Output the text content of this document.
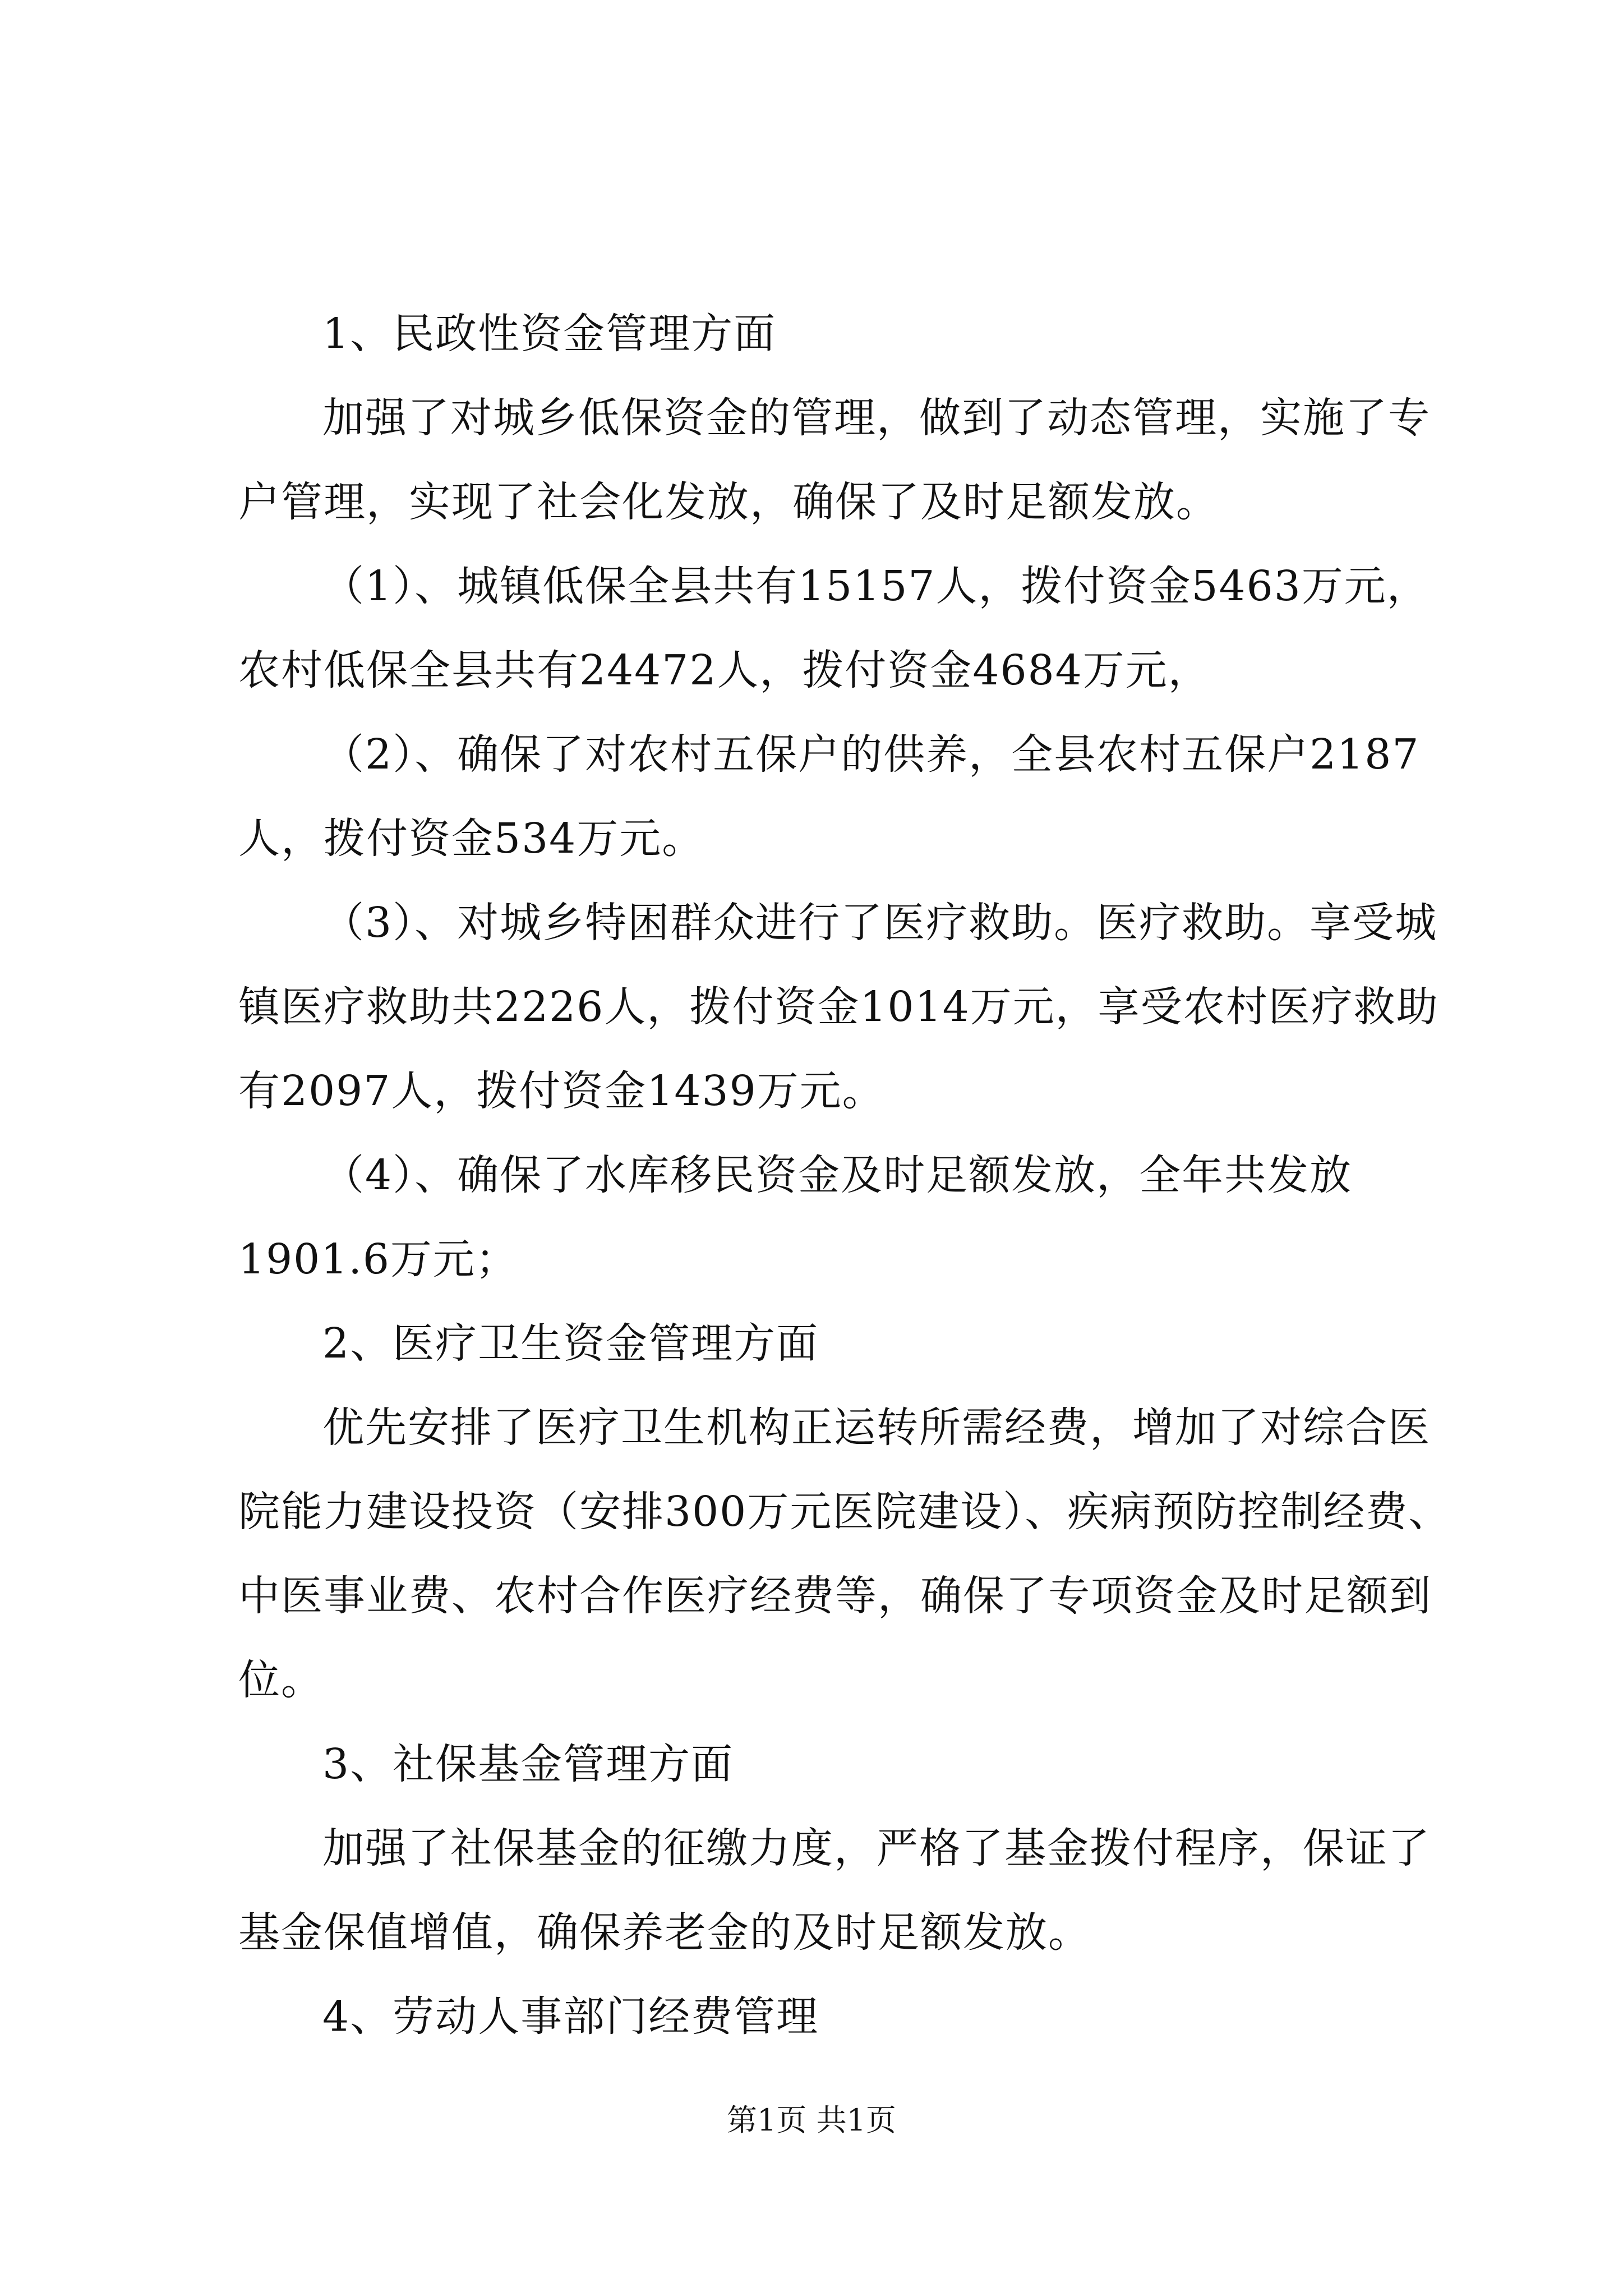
1、民政性资金管理方面
加强了对城乡低保资金的管理，做到了动态管理，实施了专
户管理，实现了社会化发放，确保了及时足额发放。
（1）、城镇低保全县共有15157人，拨付资金5463万元，
农村低保全县共有24472人，拨付资金4684万元，
（2）、确保了对农村五保户的供养，全县农村五保户2187
人，拨付资金534万元。
（3）、对城乡特困群众进行了医疗救助。医疗救助。享受城
镇医疗救助共2226人，拨付资金1014万元，享受农村医疗救助
有2097人，拨付资金1439万元。
（4）、确保了水库移民资金及时足额发放，全年共发放
1901.6万元；
2、医疗卫生资金管理方面
优先安排了医疗卫生机构正运转所需经费，增加了对综合医
院能力建设投资（安排300万元医院建设）、疾病预防控制经费、
中医事业费、农村合作医疗经费等，确保了专项资金及时足额到
位。
3、社保基金管理方面
加强了社保基金的征缴力度，严格了基金拨付程序，保证了
基金保值增值，确保养老金的及时足额发放。
4、劳动人事部门经费管理
第1页 共1页
